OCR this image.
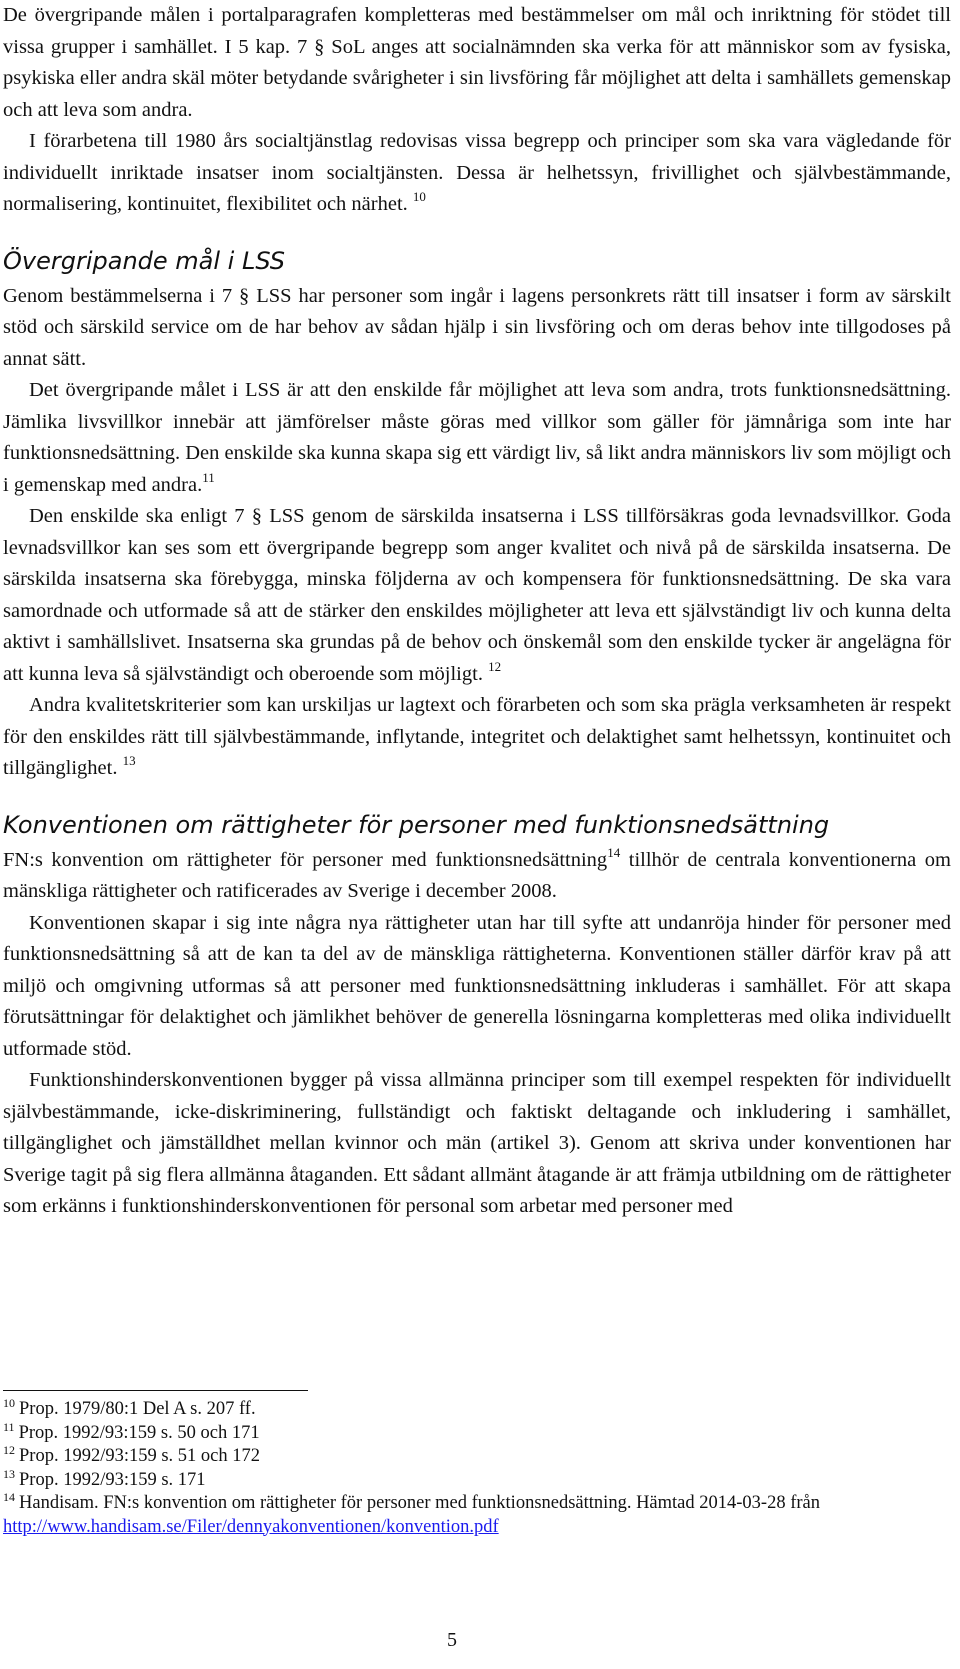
De övergripande målen i portalparagrafen kompletteras med bestämmelser om mål och inriktning för stödet till vissa grupper i samhället. I 5 kap. 7 § SoL anges att socialnämnden ska verka för att människor som av fysiska, psykiska eller andra skäl möter betydande svårigheter i sin livsföring får möjlighet att delta i samhällets gemenskap och att leva som andra.

I förarbetena till 1980 års socialtjänstlag redovisas vissa begrepp och principer som ska vara vägledande för individuellt inriktade insatser inom socialtjänsten. Dessa är helhetssyn, frivillighet och självbestämmande, normalisering, kontinuitet, flexibilitet och närhet. $^{10}$

Övergripande mål i LSS

Genom bestämmelserna i 7 § LSS har personer som ingår i lagens personkrets rätt till insatser i form av särskilt stöd och särskild service om de har behov av sådan hjälp i sin livsföring och om deras behov inte tillgodoses på annat sätt.

Det övergripande målet i LSS är att den enskilde får möjlighet att leva som andra, trots funktionsnedsättning. Jämlika livsvillkor innebär att jämförelser måste göras med villkor som gäller för jämnåriga som inte har funktionsnedsättning. Den enskilde ska kunna skapa sig ett värdigt liv, så likt andra människors liv som möjligt och i gemenskap med andra.$^{11}$

Den enskilde ska enligt 7 § LSS genom de särskilda insatserna i LSS tillförsäkras goda levnadsvillkor. Goda levnadsvillkor kan ses som ett övergripande begrepp som anger kvalitet och nivå på de särskilda insatserna. De särskilda insatserna ska förebygga, minska följderna av och kompensera för funktionsnedsättning. De ska vara samordnade och utformade så att de stärker den enskildes möjligheter att leva ett självständigt liv och kunna delta aktivt i samhällslivet. Insatserna ska grundas på de behov och önskemål som den enskilde tycker är angelägna för att kunna leva så självständigt och oberoende som möjligt. $^{12}$

Andra kvalitetskriterier som kan urskiljas ur lagtext och förarbeten och som ska prägla verksamheten är respekt för den enskildes rätt till självbestämmande, inflytande, integritet och delaktighet samt helhetssyn, kontinuitet och tillgänglighet. $^{13}$

Konventionen om rättigheter för personer med funktionsnedsättning

FN:s konvention om rättigheter för personer med funktionsnedsättning$^{14}$ tillhör de centrala konventionerna om mänskliga rättigheter och ratificerades av Sverige i december 2008.

Konventionen skapar i sig inte några nya rättigheter utan har till syfte att undanröja hinder för personer med funktionsnedsättning så att de kan ta del av de mänskliga rättigheterna. Konventionen ställer därför krav på att miljö och omgivning utformas så att personer med funktionsnedsättning inkluderas i samhället. För att skapa förutsättningar för delaktighet och jämlikhet behöver de generella lösningarna kompletteras med olika individuellt utformade stöd.

Funktionshinderskonventionen bygger på vissa allmänna principer som till exempel respekten för individuellt självbestämmande, icke-diskriminering, fullständigt och faktiskt deltagande och inkludering i samhället, tillgänglighet och jämställdhet mellan kvinnor och män (artikel 3). Genom att skriva under konventionen har Sverige tagit på sig flera allmänna åtaganden. Ett sådant allmänt åtagande är att främja utbildning om de rättigheter som erkänns i funktionshinderskonventionen för personal som arbetar med personer med

$^{10}$ Prop. 1979/80:1 Del A s. 207 ff.
$^{11}$ Prop. 1992/93:159 s. 50 och 171
$^{12}$ Prop. 1992/93:159 s. 51 och 172
$^{13}$ Prop. 1992/93:159 s. 171
$^{14}$ Handisam. FN:s konvention om rättigheter för personer med funktionsnedsättning. Hämtad 2014-03-28 från http://www.handisam.se/Filer/dennyakonventionen/konvention.pdf
5
